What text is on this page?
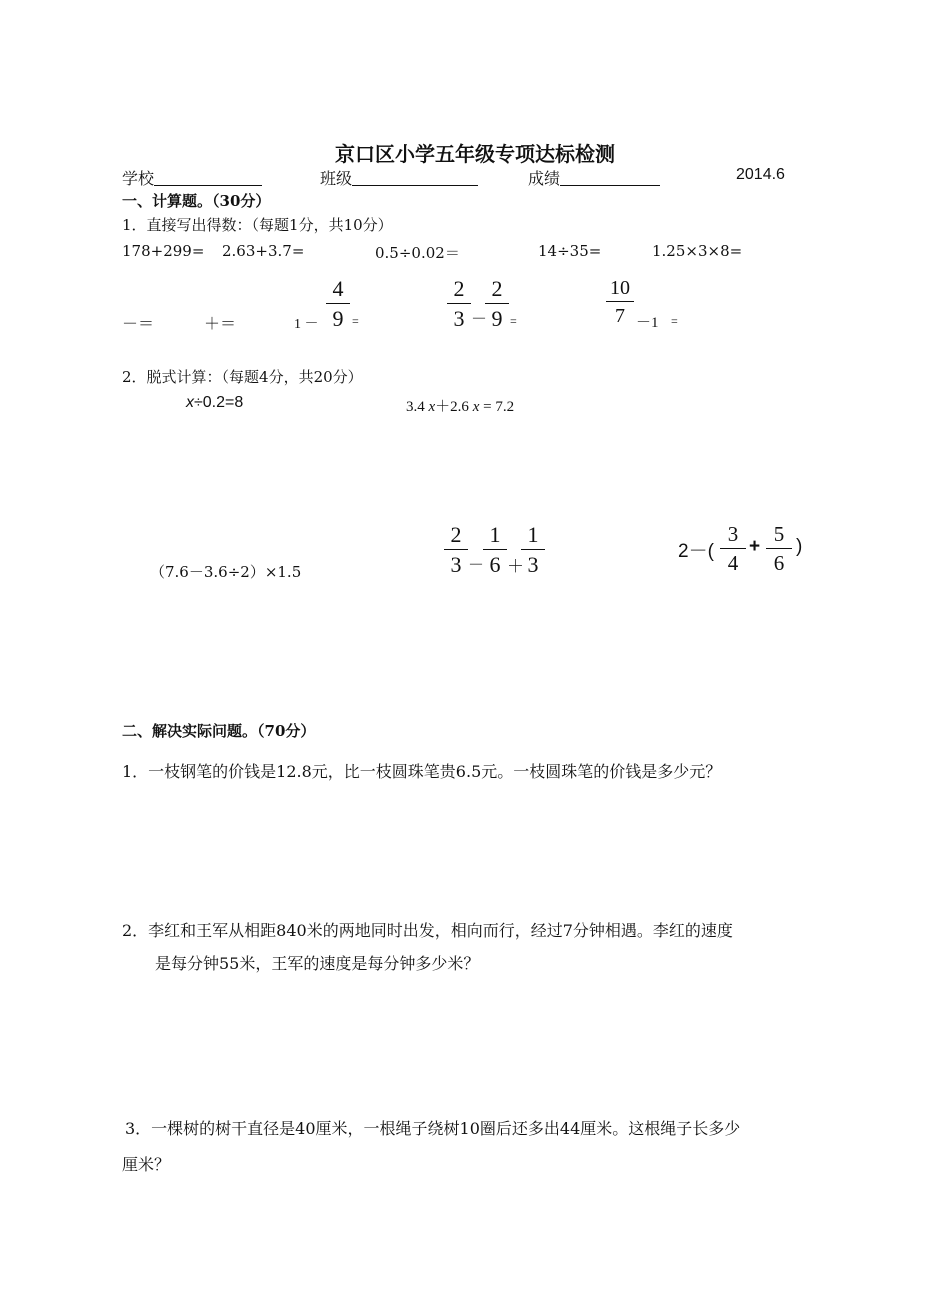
京口区小学五年级专项达标检测
学校	班级	成绩	2014.6
一、计算题。（30分）
1．直接写出得数：（每题1分，共10分）
178+299= 2.63+3.7=	0.5÷0.02＝	14÷35=	1.25×3×8=
－＝	＋＝	1 －
4
9 =
2
3 －
2
9 =
10
7 －1 =
2．脱式计算：（每题4分，共20分）
x÷0.2=8	3.4 x＋2.6 x = 7.2
（7.6－3.6÷2）×1.5
2
3 －
1
6 ＋
1
3
2－(
3
4
+
5
6
)
二、解决实际问题。（70分）
1．一枝钢笔的价钱是12.8元，比一枝圆珠笔贵6.5元。一枝圆珠笔的价钱是多少元？
2．李红和王军从相距840米的两地同时出发，相向而行，经过7分钟相遇。李红的速度
是每分钟55米，王军的速度是每分钟多少米？
3．一棵树的树干直径是40厘米，一根绳子绕树10圈后还多出44厘米。这根绳子长多少
厘米？
